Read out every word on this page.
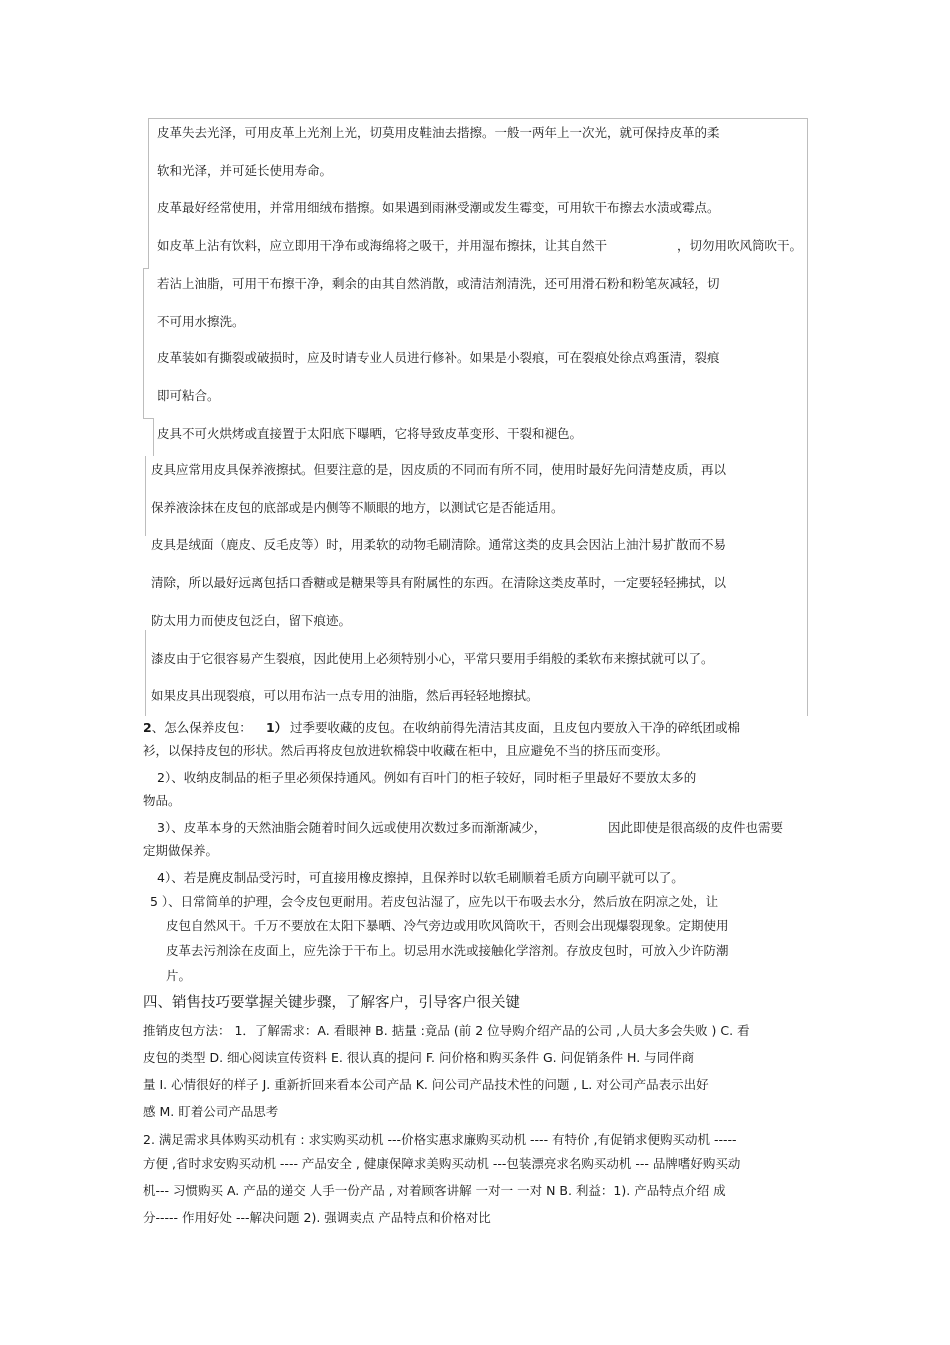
皮革失去光泽，可用皮革上光剂上光，切莫用皮鞋油去揩擦。一般一两年上一次光，就可保持皮革的柔
软和光泽，并可延长使用寿命。
皮革最好经常使用，并常用细绒布揩擦。如果遇到雨淋受潮或发生霉变，可用软干布擦去水渍或霉点。
如皮革上沾有饮料，应立即用干净布或海绵将之吸干，并用湿布擦抹，让其自然干	，切勿用吹风筒吹干。
若沾上油脂，可用干布擦干净，剩余的由其自然消散，或清洁剂清洗，还可用滑石粉和粉笔灰减轻，切
不可用水擦洗。
皮革装如有撕裂或破损时，应及时请专业人员进行修补。如果是小裂痕，可在裂痕处徐点鸡蛋清，裂痕
即可粘合。
皮具不可火烘烤或直接置于太阳底下曝晒，它将导致皮革变形、干裂和褪色。
皮具应常用皮具保养液擦拭。但要注意的是，因皮质的不同而有所不同，使用时最好先问清楚皮质，再以
保养液涂抹在皮包的底部或是内侧等不顺眼的地方，以测试它是否能适用。
皮具是绒面（鹿皮、反毛皮等）时，用柔软的动物毛刷清除。通常这类的皮具会因沾上油汁易扩散而不易
清除，所以最好远离包括口香糖或是糖果等具有附属性的东西。在清除这类皮革时，一定要轻轻拂拭，以
防太用力而使皮包泛白，留下痕迹。
漆皮由于它很容易产生裂痕，因此使用上必须特别小心，平常只要用手绢般的柔软布来擦拭就可以了。
如果皮具出现裂痕，可以用布沾一点专用的油脂，然后再轻轻地擦拭。
2、怎么保养皮包： 1） 过季要收藏的皮包。在收纳前得先清洁其皮面，且皮包内要放入干净的碎纸团或棉
衫，以保持皮包的形状。然后再将皮包放进软棉袋中收藏在柜中，且应避免不当的挤压而变形。
2）、收纳皮制品的柜子里必须保持通风。例如有百叶门的柜子较好，同时柜子里最好不要放太多的
物品。
3）、皮革本身的天然油脂会随着时间久远或使用次数过多而渐渐减少，	因此即使是很高级的皮件也需要
定期做保养。
4）、若是麂皮制品受污时，可直接用橡皮擦掉，且保养时以软毛刷顺着毛质方向刷平就可以了。
5 ）、日常简单的护理，会令皮包更耐用。若皮包沾湿了，应先以干布吸去水分，然后放在阴凉之处，让
皮包自然风干。千万不要放在太阳下暴晒、冷气旁边或用吹风筒吹干，否则会出现爆裂现象。定期使用
皮革去污剂涂在皮面上，应先涂于干布上。切忌用水洗或接触化学溶剂。存放皮包时，可放入少许防潮
片。
四、销售技巧要掌握关键步骤，了解客户，引导客户很关键
推销皮包方法： 1．了解需求：A. 看眼神 B. 掂量 :竟品 (前 2 位导购介绍产品的公司 ,人员大多会失败 ) C. 看
皮包的类型 D. 细心阅读宣传资料 E. 很认真的提问 F. 问价格和购买条件 G. 问促销条件 H. 与同伴商
量 I. 心情很好的样子 J. 重新折回来看本公司产品 K. 问公司产品技术性的问题 , L. 对公司产品表示出好
感 M. 盯着公司产品思考
2. 满足需求具体购买动机有 : 求实购买动机 ---价格实惠求廉购买动机 ---- 有特价 ,有促销求便购买动机 -----
方便 ,省时求安购买动机 ---- 产品安全 , 健康保障求美购买动机 ---包装漂亮求名购买动机 --- 品牌嗜好购买动
机--- 习惯购买 A. 产品的递交 人手一份产品 , 对着顾客讲解 一对一 一对 N B. 利益：1). 产品特点介绍 成
分----- 作用好处 ---解决问题 2). 强调卖点 产品特点和价格对比
